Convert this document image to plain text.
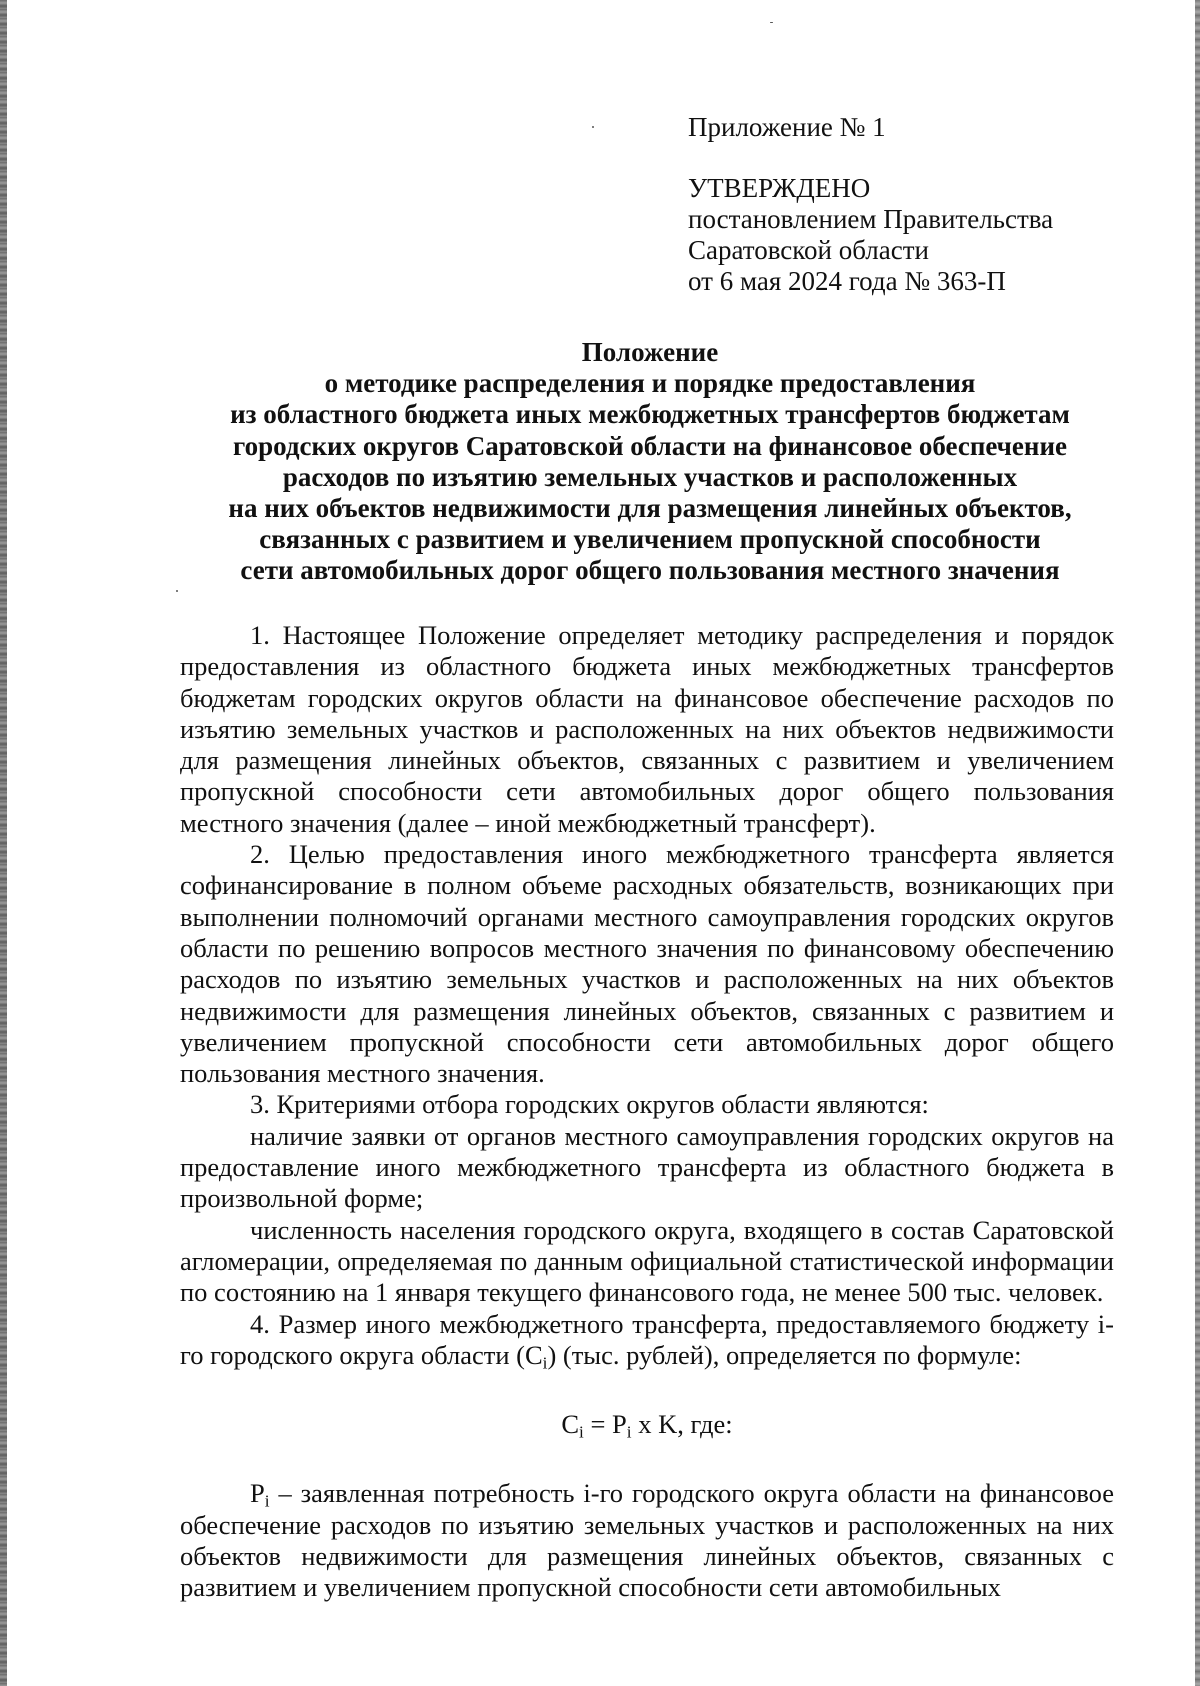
Приложение № 1
УТВЕРЖДЕНО
постановлением Правительства
Саратовской области
от 6 мая 2024 года № 363-П
Положение
о методике распределения и порядке предоставления
из областного бюджета иных межбюджетных трансфертов бюджетам
городских округов Саратовской области на финансовое обеспечение
расходов по изъятию земельных участков и расположенных
на них объектов недвижимости для размещения линейных объектов,
связанных с развитием и увеличением пропускной способности
сети автомобильных дорог общего пользования местного значения

1. Настоящее Положение определяет методику распределения и порядок предоставления из областного бюджета иных межбюджетных трансфертов бюджетам городских округов области на финансовое обеспечение расходов по изъятию земельных участков и расположенных на них объектов недвижимости для размещения линейных объектов, связанных с развитием и увеличением пропускной способности сети автомобильных дорог общего пользования местного значения (далее – иной межбюджетный трансферт).

2. Целью предоставления иного межбюджетного трансферта является софинансирование в полном объеме расходных обязательств, возникающих при выполнении полномочий органами местного самоуправления городских округов области по решению вопросов местного значения по финансовому обеспечению расходов по изъятию земельных участков и расположенных на них объектов недвижимости для размещения линейных объектов, связанных с развитием и увеличением пропускной способности сети автомобильных дорог общего пользования местного значения.

3. Критериями отбора городских округов области являются:

наличие заявки от органов местного самоуправления городских округов на предоставление иного межбюджетного трансферта из областного бюджета в произвольной форме;

численность населения городского округа, входящего в состав Саратовской агломерации, определяемая по данным официальной статистической информации по состоянию на 1 января текущего финансового года, не менее 500 тыс. человек.

4. Размер иного межбюджетного трансферта, предоставляемого бюджету i-го городского округа области $(C_i)$ (тыс. рублей), определяется по формуле:

$C_i = P_i$ x K, где:

$P_i$ – заявленная потребность i-го городского округа области на финансовое обеспечение расходов по изъятию земельных участков и расположенных на них объектов недвижимости для размещения линейных объектов, связанных с развитием и увеличением пропускной способности сети автомобильных
